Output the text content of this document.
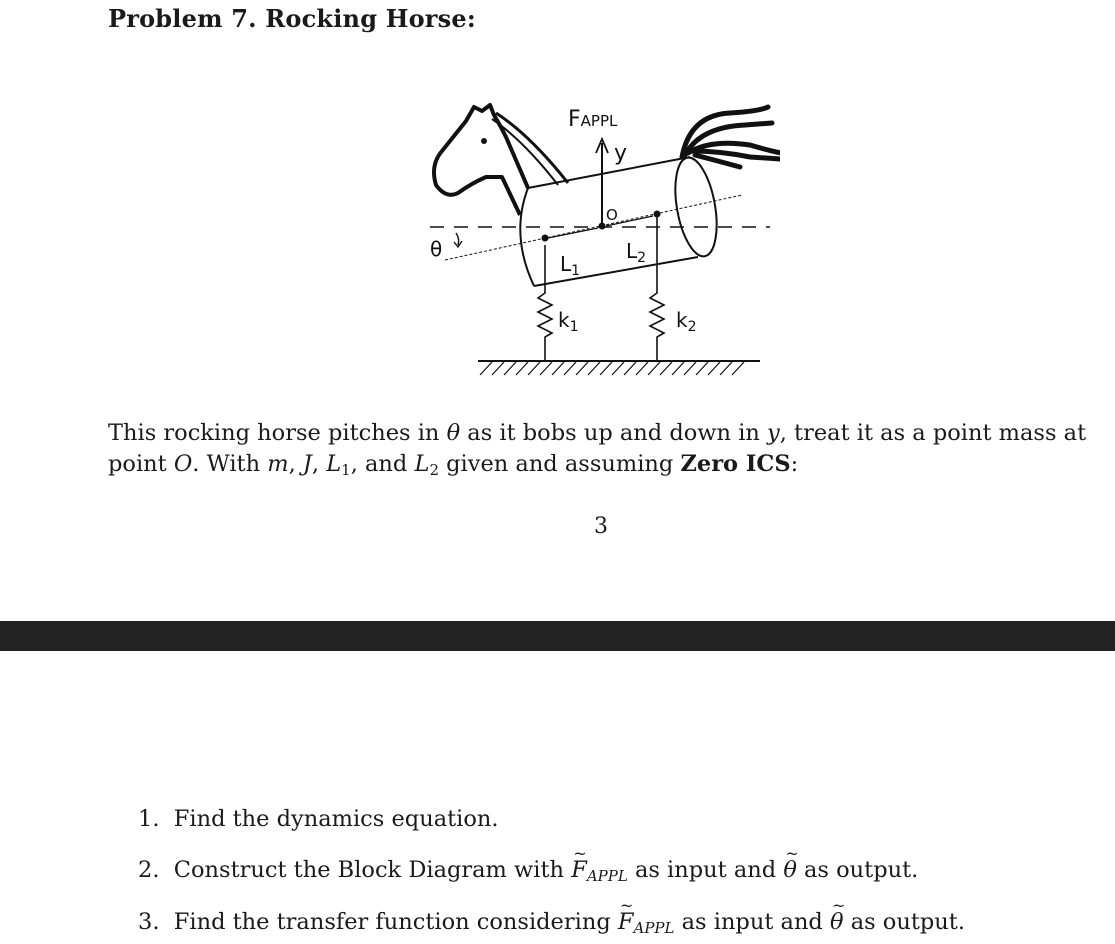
Problem 7. Rocking Horse:
FAPPL
y
O
θ
$L_1$
$L_2$
$k_1$	$k_2$
This rocking horse pitches in θ as it bobs up and down in y, treat it as a point mass at point O. With m, J, $L_1$, and $L_2$ given and assuming Zero ICS:
3
1. Find the dynamics equation.
2. Construct the Block Diagram with ~ $F_{APPL}$ as input and ~ θ as output.
3. Find the transfer function considering ~ $F_{APPL}$ as input and ~ θ as output.
